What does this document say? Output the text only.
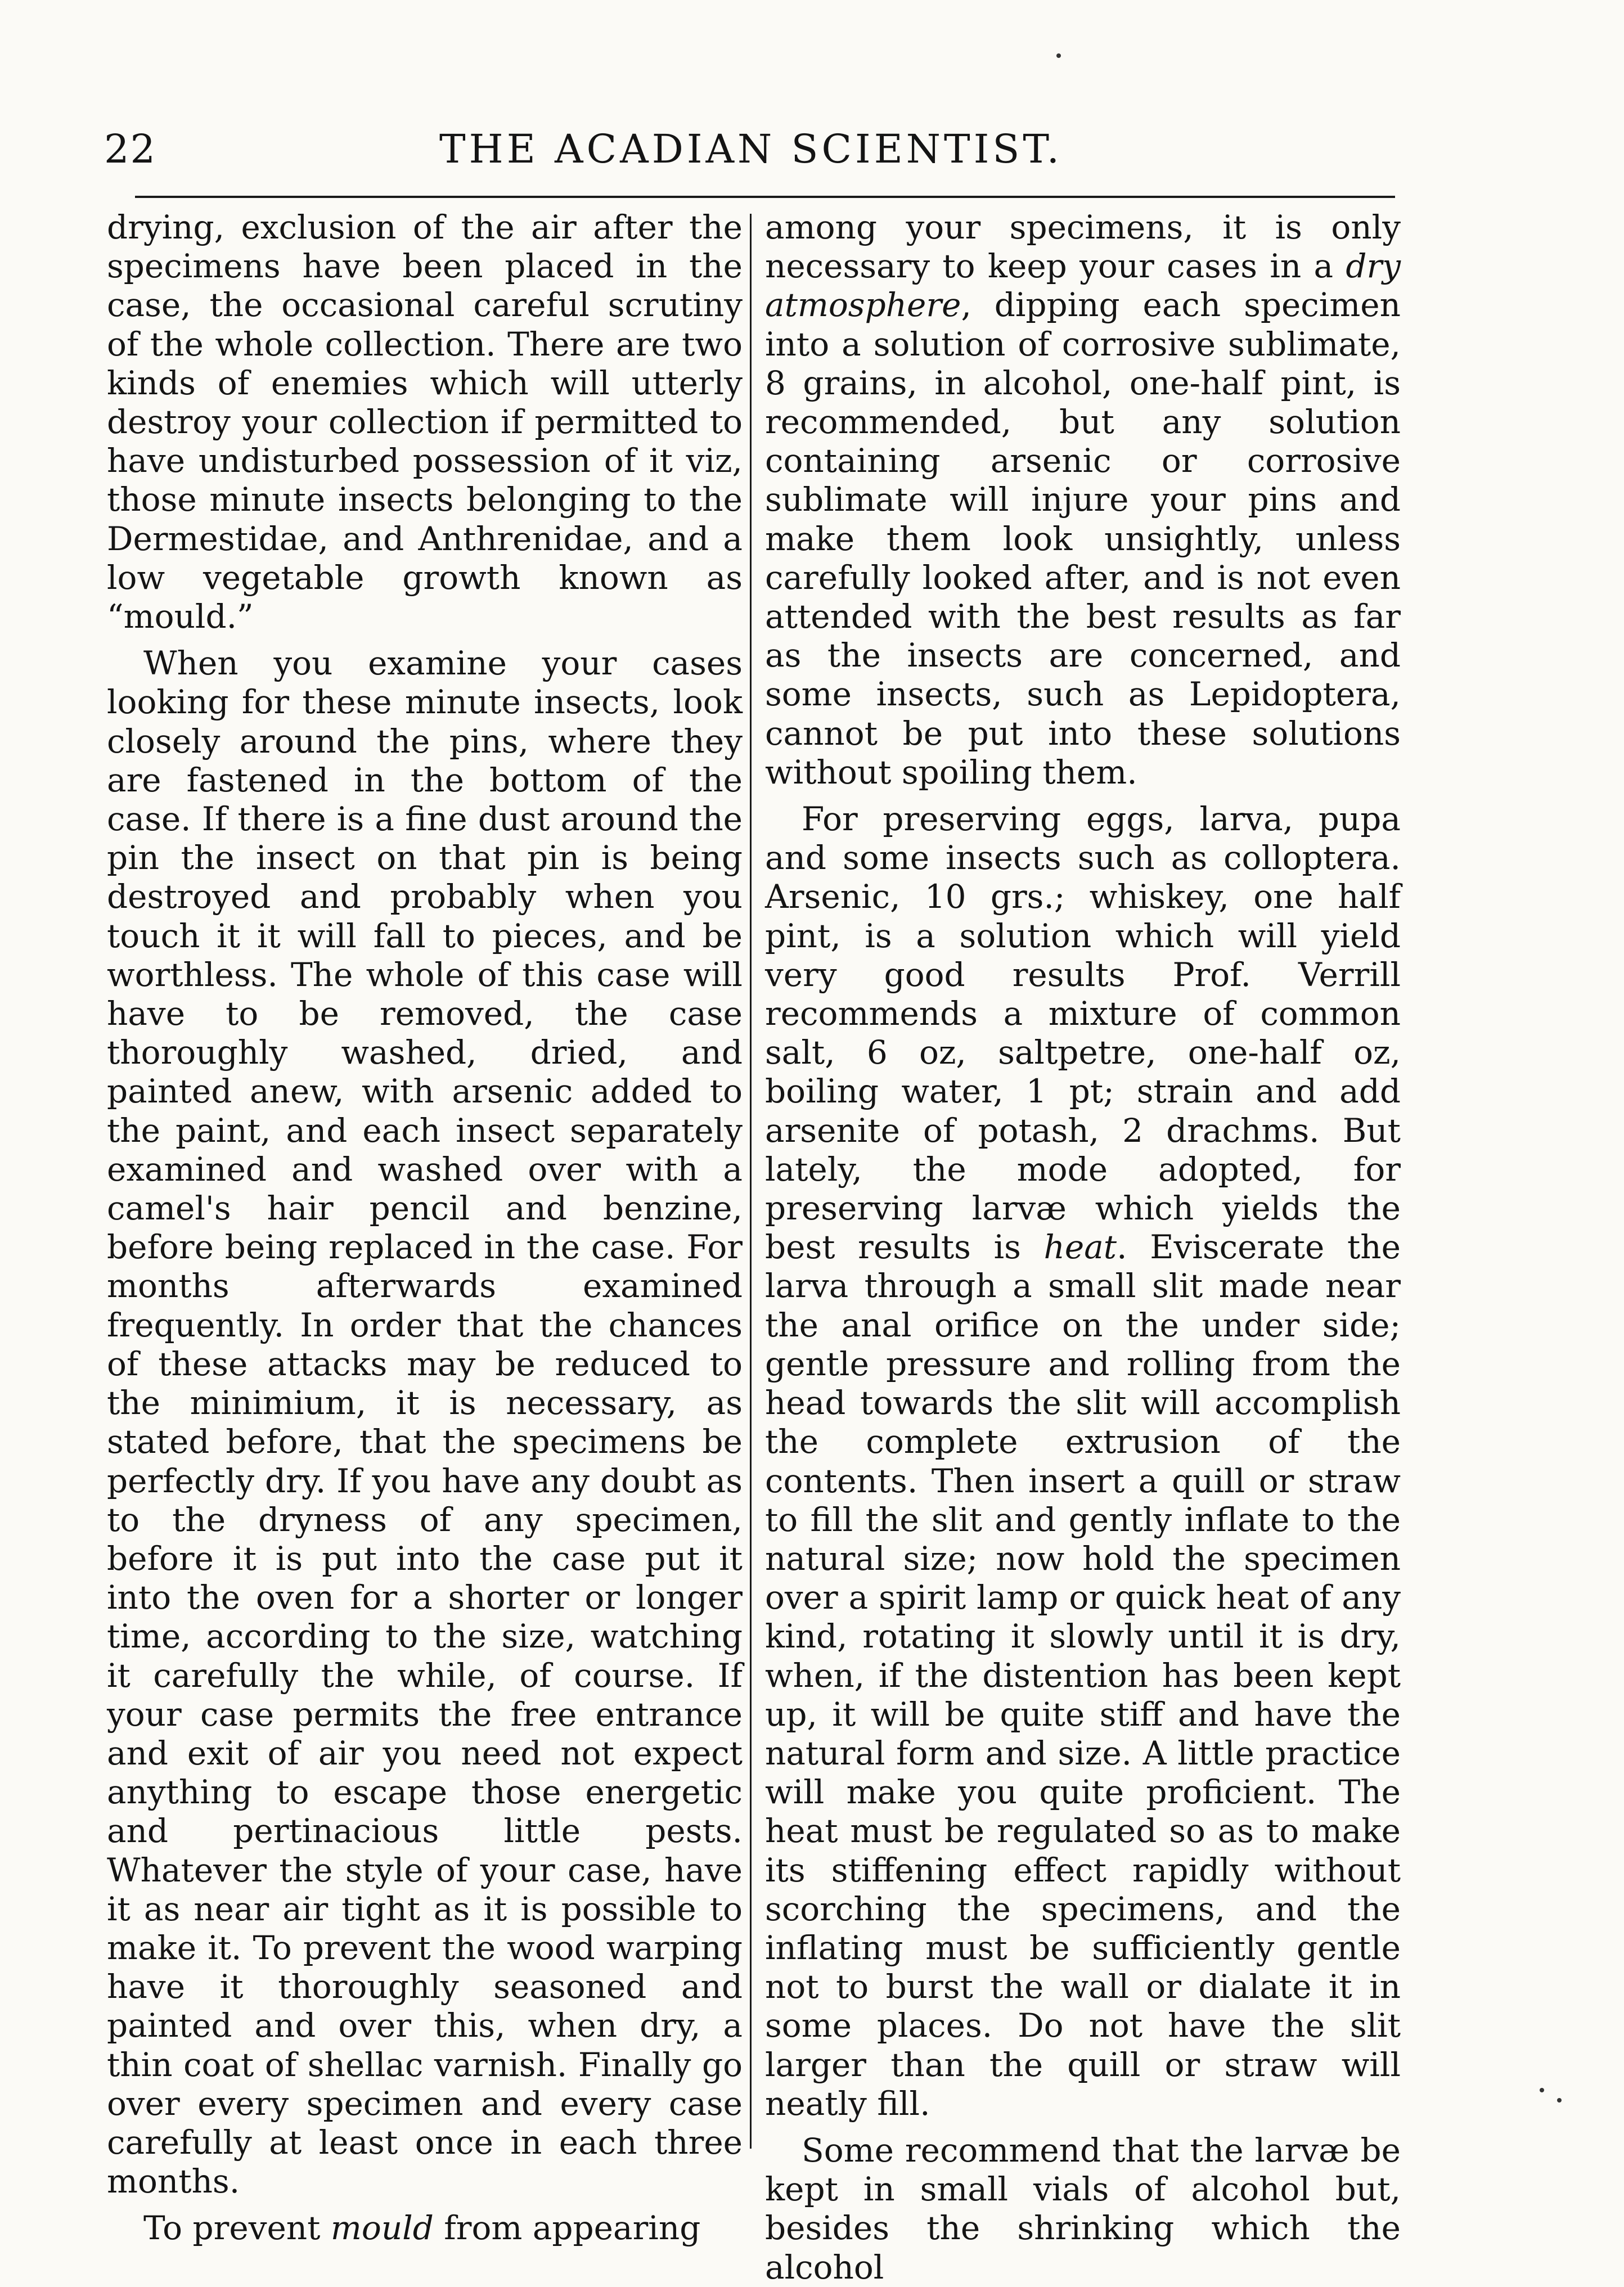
THE ACADIAN SCIENTIST.
22

drying, exclusion of the air after the specimens have been placed in the case, the occasional careful scrutiny of the whole collection. There are two kinds of enemies which will utterly destroy your collection if permitted to have undisturbed possession of it viz, those minute insects belonging to the Dermestidae, and Anthrenidae, and a low vegetable growth known as “mould.”

When you examine your cases looking for these minute insects, look closely around the pins, where they are fastened in the bottom of the case. If there is a fine dust around the pin the insect on that pin is being destroyed and probably when you touch it it will fall to pieces, and be worthless. The whole of this case will have to be removed, the case thoroughly washed, dried, and painted anew, with arsenic added to the paint, and each insect separately examined and washed over with a camel's hair pencil and benzine, before being replaced in the case. For months afterwards examined frequently. In order that the chances of these attacks may be reduced to the minimium, it is necessary, as stated before, that the specimens be perfectly dry. If you have any doubt as to the dryness of any specimen, before it is put into the case put it into the oven for a shorter or longer time, according to the size, watching it carefully the while, of course. If your case permits the free entrance and exit of air you need not expect anything to escape those energetic and pertinacious little pests. Whatever the style of your case, have it as near air tight as it is possible to make it. To prevent the wood warping have it thoroughly seasoned and painted and over this, when dry, a thin coat of shellac varnish. Finally go over every specimen and every case carefully at least once in each three months.

To prevent mould from appearing

among your specimens, it is only necessary to keep your cases in a dry atmosphere, dipping each specimen into a solution of corrosive sublimate, 8 grains, in alcohol, one-half pint, is recommended, but any solution containing arsenic or corrosive sublimate will injure your pins and make them look unsightly, unless carefully looked after, and is not even attended with the best results as far as the insects are concerned, and some insects, such as Lepidoptera, cannot be put into these solutions without spoiling them.

For preserving eggs, larva, pupa and some insects such as colloptera. Arsenic, 10 grs.; whiskey, one half pint, is a solution which will yield very good results Prof. Verrill recommends a mixture of common salt, 6 oz, saltpetre, one-half oz, boiling water, 1 pt; strain and add arsenite of potash, 2 drachms. But lately, the mode adopted, for preserving larvæ which yields the best results is heat. Eviscerate the larva through a small slit made near the anal orifice on the under side; gentle pressure and rolling from the head towards the slit will accomplish the complete extrusion of the contents. Then insert a quill or straw to fill the slit and gently inflate to the natural size; now hold the specimen over a spirit lamp or quick heat of any kind, rotating it slowly until it is dry, when, if the distention has been kept up, it will be quite stiff and have the natural form and size. A little practice will make you quite proficient. The heat must be regulated so as to make its stiffening effect rapidly without scorching the specimens, and the inflating must be sufficiently gentle not to burst the wall or dialate it in some places. Do not have the slit larger than the quill or straw will neatly fill.

Some recommend that the larvæ be kept in small vials of alcohol but, besides the shrinking which the alcohol
